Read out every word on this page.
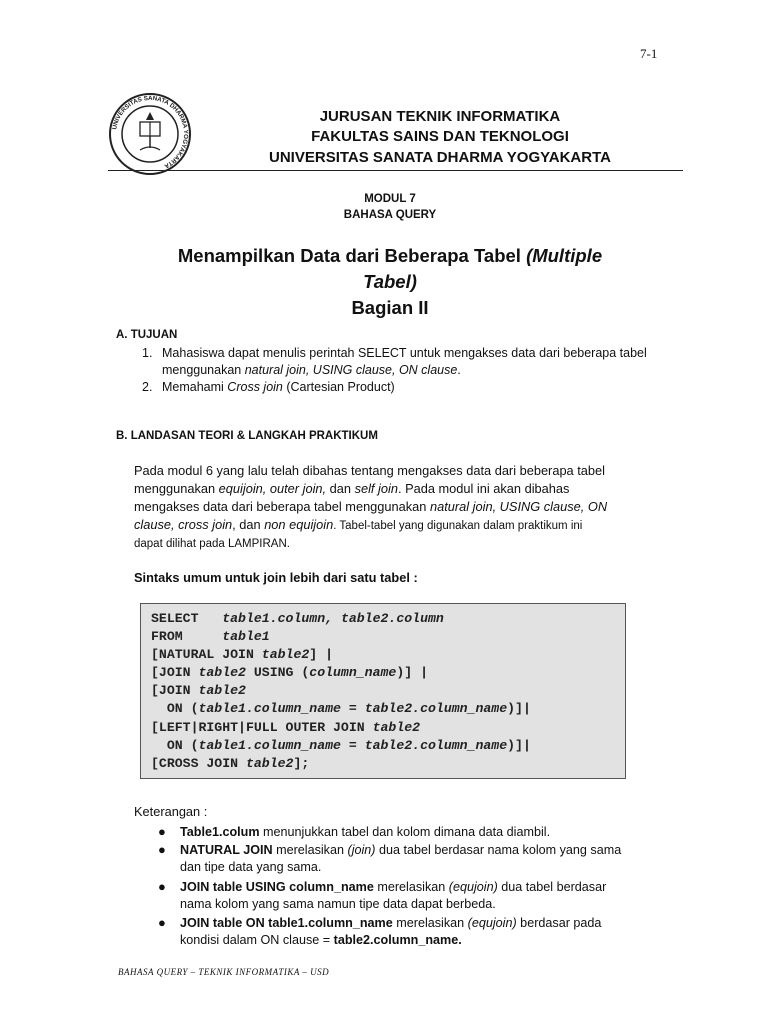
7-1
UNIVERSITAS SANATA DHARMA YOGYAKARTA
JURUSAN TEKNIK INFORMATIKA
FAKULTAS SAINS DAN TEKNOLOGI
UNIVERSITAS SANATA DHARMA YOGYAKARTA
MODUL 7
BAHASA QUERY
Menampilkan Data dari Beberapa Tabel (Multiple
Tabel)
Bagian II
A. TUJUAN
1. Mahasiswa dapat menulis perintah SELECT untuk mengakses data dari beberapa tabel
menggunakan natural join, USING clause, ON clause.
2. Memahami Cross join (Cartesian Product)
B. LANDASAN TEORI & LANGKAH PRAKTIKUM
Pada modul 6 yang lalu telah dibahas tentang mengakses data dari beberapa tabel
menggunakan equijoin, outer join, dan self join. Pada modul ini akan dibahas
mengakses data dari beberapa tabel menggunakan natural join, USING clause, ON
clause, cross join, dan non equijoin. Tabel-tabel yang digunakan dalam praktikum ini
dapat dilihat pada LAMPIRAN.
Sintaks umum untuk join lebih dari satu tabel :
SELECT   table1.column, table2.column
FROM     table1
[NATURAL JOIN table2] |
[JOIN table2 USING (column_name)] |
[JOIN table2
ON (table1.column_name = table2.column_name)]|
[LEFT|RIGHT|FULL OUTER JOIN table2
ON (table1.column_name = table2.column_name)]|
[CROSS JOIN table2];
Keterangan :
● Table1.colum menunjukkan tabel dan kolom dimana data diambil.
● NATURAL JOIN merelasikan (join) dua tabel berdasar nama kolom yang sama
dan tipe data yang sama.
● JOIN table USING column_name merelasikan (equjoin) dua tabel berdasar
nama kolom yang sama namun tipe data dapat berbeda.
● JOIN table ON table1.column_name merelasikan (equjoin) berdasar pada
kondisi dalam ON clause = table2.column_name.
BAHASA QUERY – TEKNIK INFORMATIKA – USD
